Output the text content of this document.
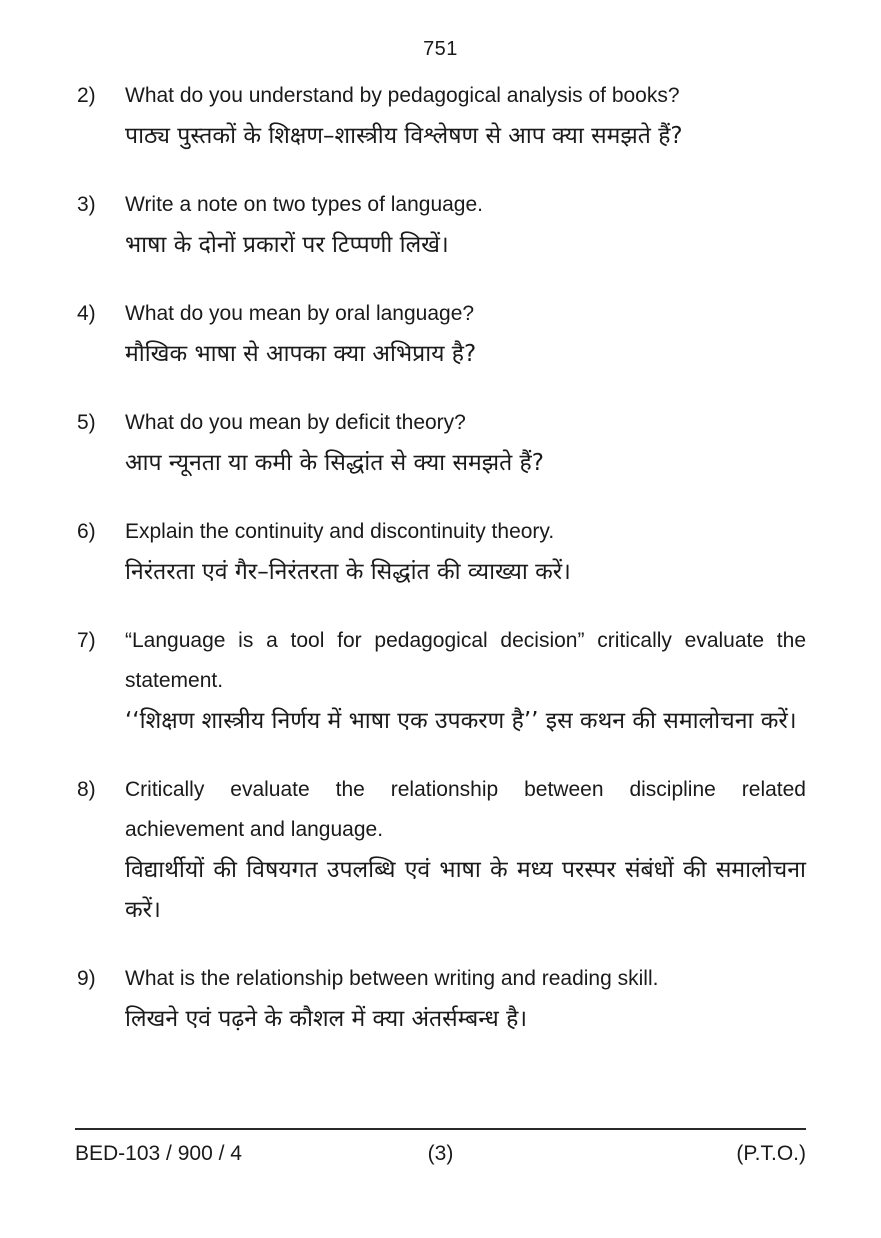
751
2)	What do you understand by pedagogical analysis of books?

पाठ्य पुस्तकों के शिक्षण–शास्त्रीय विश्लेषण से आप क्या समझते हैं?

3)	Write a note on two types of language.

भाषा के दोनों प्रकारों पर टिप्पणी लिखें।

4)	What do you mean by oral language?

मौखिक भाषा से आपका क्या अभिप्राय है?

5)	What do you mean by deficit theory?

आप न्यूनता या कमी के सिद्धांत से क्या समझते हैं?

6)	Explain the continuity and discontinuity theory.

निरंतरता एवं गैर–निरंतरता के सिद्धांत की व्याख्या करें।

7)	“Language is a tool for pedagogical decision” critically evaluate the statement.

‘‘शिक्षण शास्त्रीय निर्णय में भाषा एक उपकरण है’’ इस कथन की समालोचना करें।

8)	Critically evaluate the relationship between discipline related achievement and language.

विद्यार्थीयों की विषयगत उपलब्धि एवं भाषा के मध्य परस्पर संबंधों की समालोचना करें।

9)	What is the relationship between writing and reading skill.

लिखने एवं पढ़ने के कौशल में क्या अंतर्सम्बन्ध है।

BED-103 / 900 / 4	(3)	(P.T.O.)
